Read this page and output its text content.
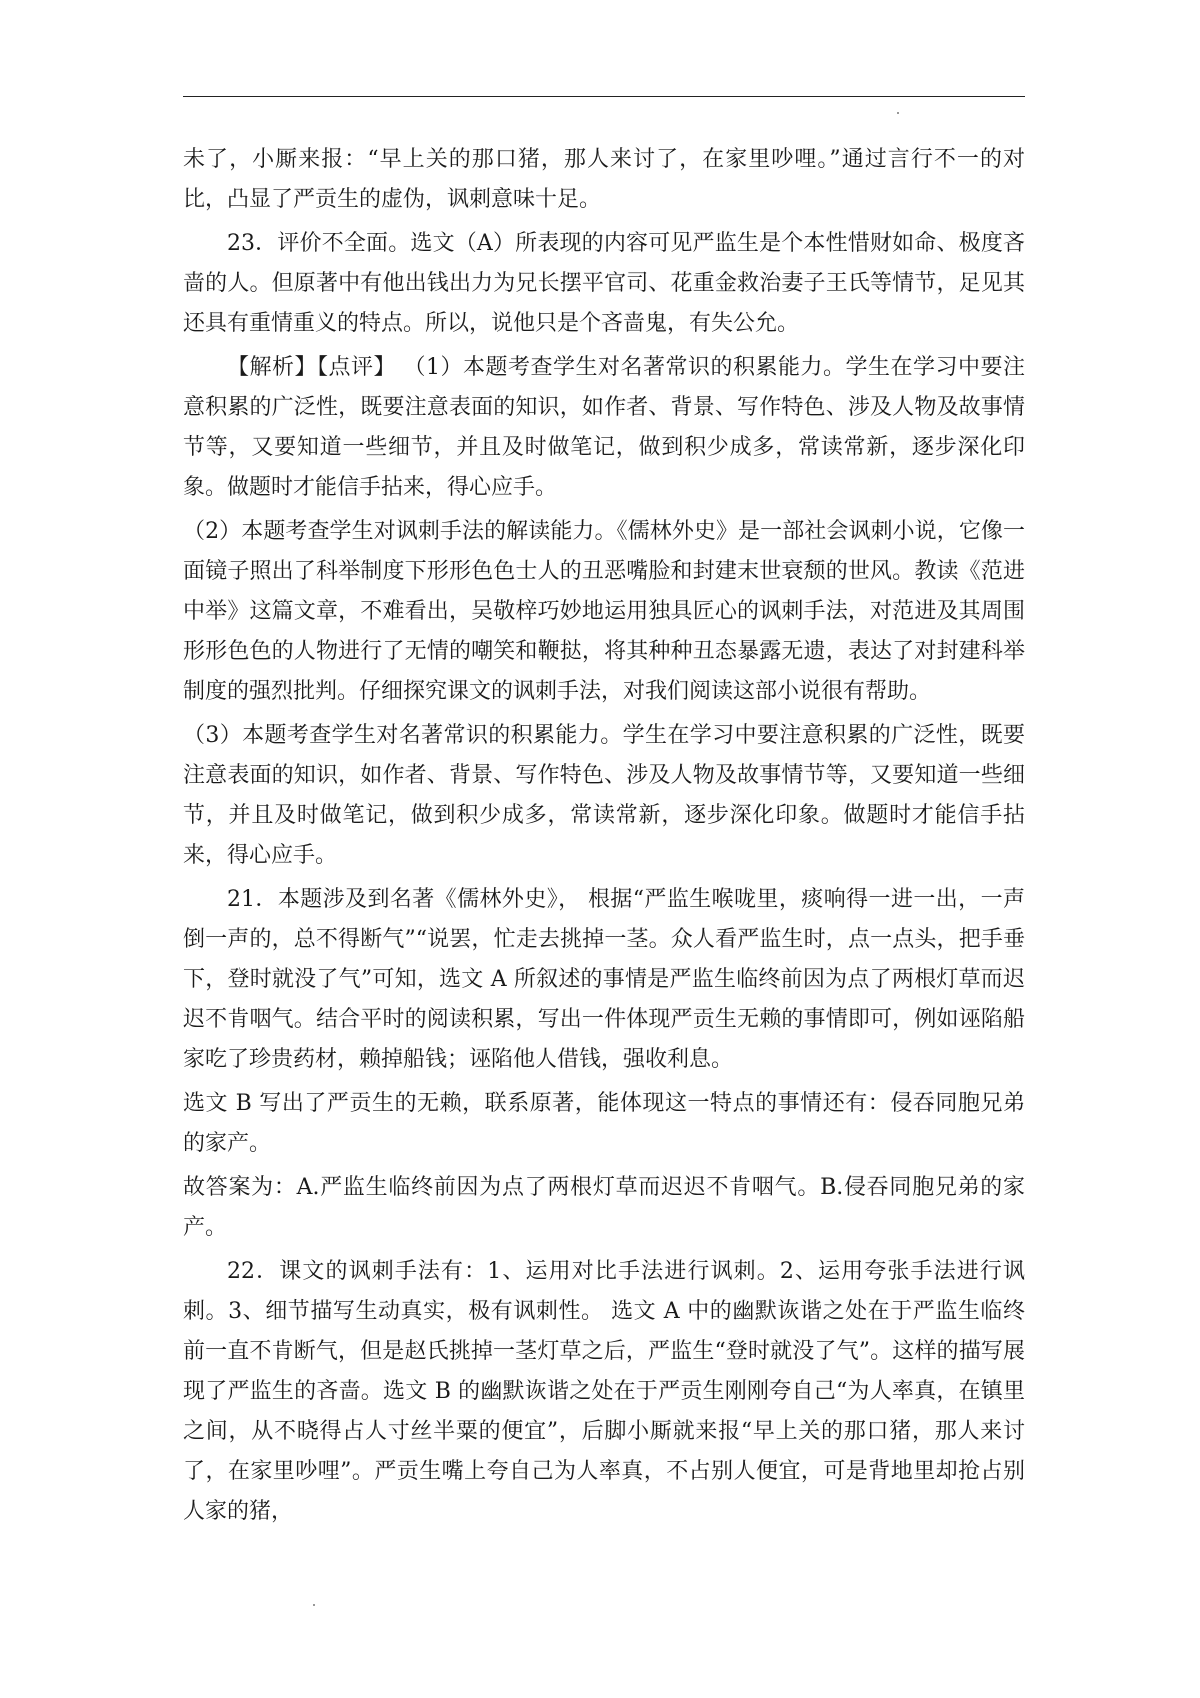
未了，小厮来报：“早上关的那口猪，那人来讨了，在家里吵哩。”通过言行不一的对比，凸显了严贡生的虚伪，讽刺意味十足。

23．评价不全面。选文（A）所表现的内容可见严监生是个本性惜财如命、极度吝啬的人。但原著中有他出钱出力为兄长摆平官司、花重金救治妻子王氏等情节，足见其还具有重情重义的特点。所以，说他只是个吝啬鬼，有失公允。

【解析】【点评】 （1）本题考查学生对名著常识的积累能力。学生在学习中要注意积累的广泛性，既要注意表面的知识，如作者、背景、写作特色、涉及人物及故事情节等，又要知道一些细节，并且及时做笔记，做到积少成多，常读常新，逐步深化印象。做题时才能信手拈来，得心应手。

（2）本题考查学生对讽刺手法的解读能力。《儒林外史》是一部社会讽刺小说，它像一面镜子照出了科举制度下形形色色士人的丑恶嘴脸和封建末世衰颓的世风。教读《范进中举》这篇文章，不难看出，吴敬梓巧妙地运用独具匠心的讽刺手法，对范进及其周围形形色色的人物进行了无情的嘲笑和鞭挞，将其种种丑态暴露无遗，表达了对封建科举制度的强烈批判。仔细探究课文的讽刺手法，对我们阅读这部小说很有帮助。

（3）本题考查学生对名著常识的积累能力。学生在学习中要注意积累的广泛性，既要注意表面的知识，如作者、背景、写作特色、涉及人物及故事情节等，又要知道一些细节，并且及时做笔记，做到积少成多，常读常新，逐步深化印象。做题时才能信手拈来，得心应手。

21．本题涉及到名著《儒林外史》， 根据“严监生喉咙里，痰响得一进一出，一声倒一声的，总不得断气”“说罢，忙走去挑掉一茎。众人看严监生时，点一点头，把手垂下，登时就没了气”可知，选文 A 所叙述的事情是严监生临终前因为点了两根灯草而迟迟不肯咽气。结合平时的阅读积累，写出一件体现严贡生无赖的事情即可，例如诬陷船家吃了珍贵药材，赖掉船钱；诬陷他人借钱，强收利息。

选文 B 写出了严贡生的无赖，联系原著，能体现这一特点的事情还有：侵吞同胞兄弟的家产。

故答案为：A.严监生临终前因为点了两根灯草而迟迟不肯咽气。B.侵吞同胞兄弟的家产。

22．课文的讽刺手法有：1、运用对比手法进行讽刺。2、运用夸张手法进行讽刺。3、细节描写生动真实，极有讽刺性。 选文 A 中的幽默诙谐之处在于严监生临终前一直不肯断气，但是赵氏挑掉一茎灯草之后，严监生“登时就没了气”。这样的描写展现了严监生的吝啬。选文 B 的幽默诙谐之处在于严贡生刚刚夸自己“为人率真，在镇里之间，从不晓得占人寸丝半粟的便宜”，后脚小厮就来报“早上关的那口猪，那人来讨了，在家里吵哩”。严贡生嘴上夸自己为人率真，不占别人便宜，可是背地里却抢占别人家的猪，
